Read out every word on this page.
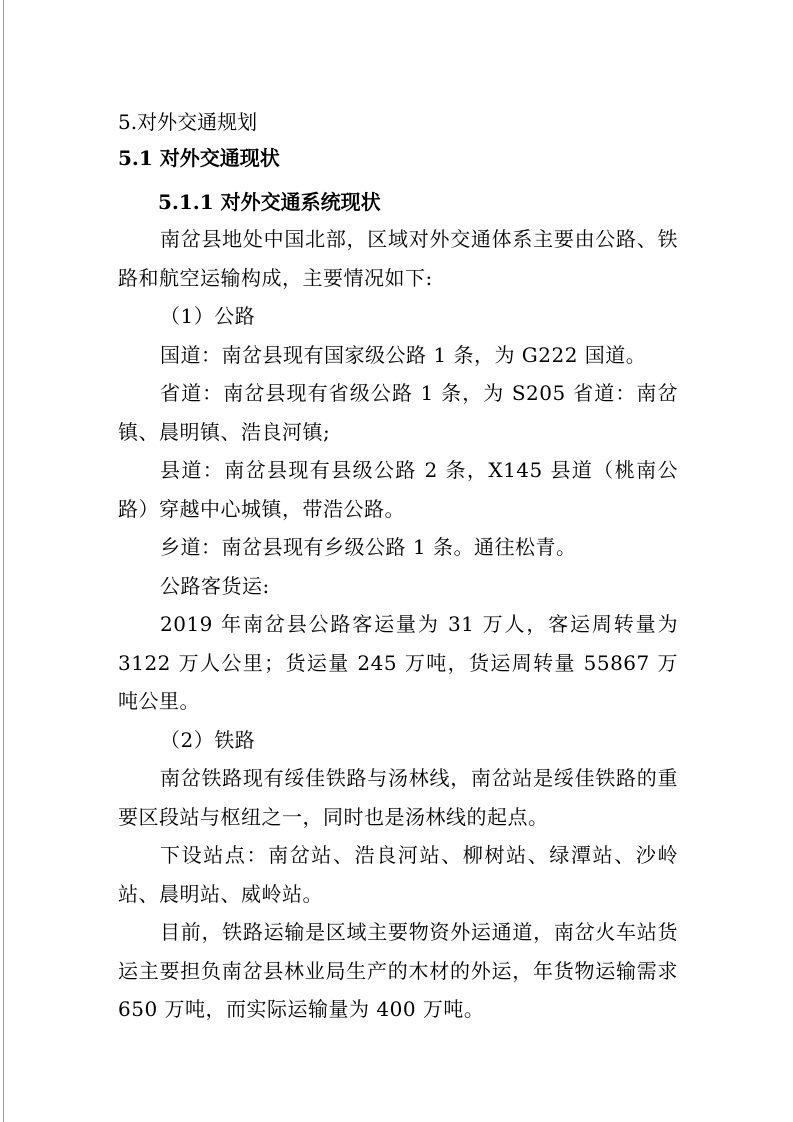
5.对外交通规划
5.1 对外交通现状
5.1.1 对外交通系统现状

南岔县地处中国北部，区域对外交通体系主要由公路、铁路和航空运输构成，主要情况如下:

（1）公路

国道：南岔县现有国家级公路 1 条，为 G222 国道。

省道：南岔县现有省级公路 1 条，为 S205 省道：南岔镇、晨明镇、浩良河镇;

县道：南岔县现有县级公路 2 条，X145 县道（桃南公路）穿越中心城镇，带浩公路。

乡道：南岔县现有乡级公路 1 条。通往松青。

公路客货运:

2019 年南岔县公路客运量为 31 万人，客运周转量为 3122 万人公里；货运量 245 万吨，货运周转量 55867 万吨公里。

（2）铁路

南岔铁路现有绥佳铁路与汤林线，南岔站是绥佳铁路的重要区段站与枢纽之一，同时也是汤林线的起点。

下设站点：南岔站、浩良河站、柳树站、绿潭站、沙岭站、晨明站、威岭站。

目前，铁路运输是区域主要物资外运通道，南岔火车站货运主要担负南岔县林业局生产的木材的外运，年货物运输需求 650 万吨，而实际运输量为 400 万吨。
